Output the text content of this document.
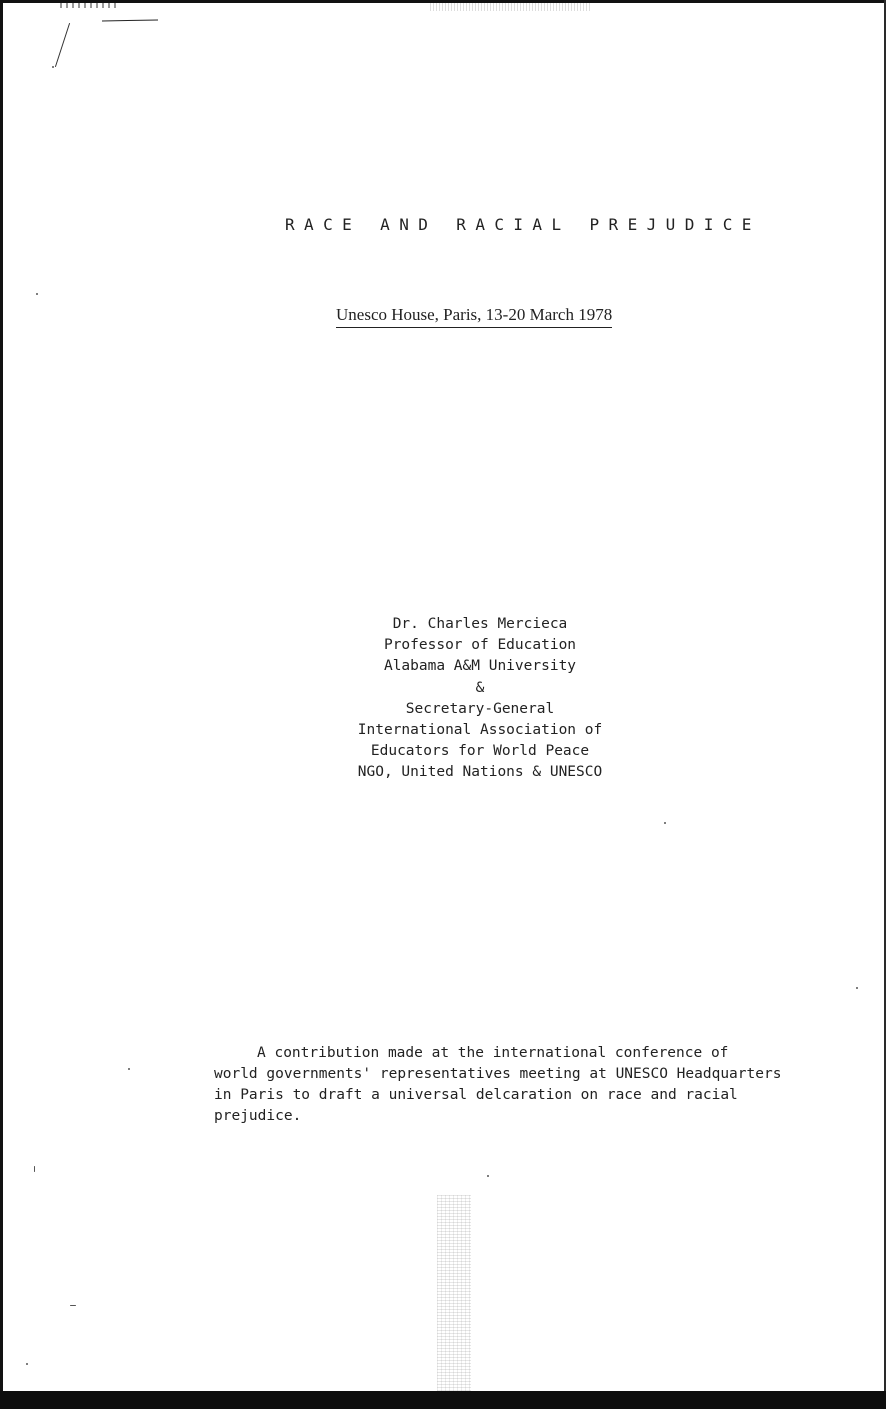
RACE AND RACIAL PREJUDICE

Unesco House, Paris, 13-20 March 1978

Dr. Charles Mercieca
Professor of Education
Alabama A&M University
&
Secretary-General
International Association of
Educators for World Peace
NGO, United Nations & UNESCO
A contribution made at the international conference of
world governments' representatives meeting at UNESCO Headquarters
in Paris to draft a universal delcaration on race and racial
prejudice.
